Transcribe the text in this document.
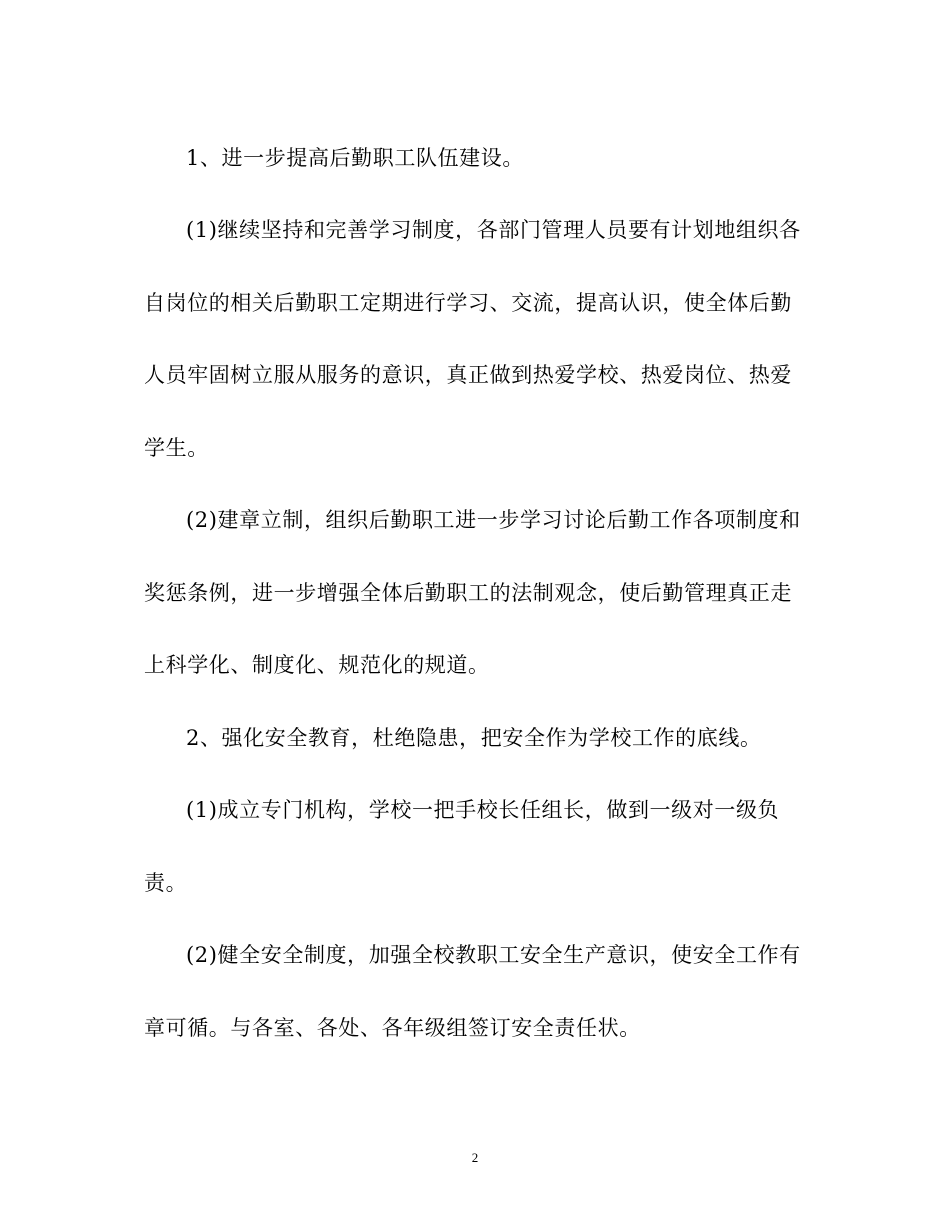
1、进一步提高后勤职工队伍建设。
(1)继续坚持和完善学习制度，各部门管理人员要有计划地组织各
自岗位的相关后勤职工定期进行学习、交流，提高认识，使全体后勤
人员牢固树立服从服务的意识，真正做到热爱学校、热爱岗位、热爱
学生。
(2)建章立制，组织后勤职工进一步学习讨论后勤工作各项制度和
奖惩条例，进一步增强全体后勤职工的法制观念，使后勤管理真正走
上科学化、制度化、规范化的规道。
2、强化安全教育，杜绝隐患，把安全作为学校工作的底线。
(1)成立专门机构，学校一把手校长任组长，做到一级对一级负
责。
(2)健全安全制度，加强全校教职工安全生产意识，使安全工作有
章可循。与各室、各处、各年级组签订安全责任状。
2
